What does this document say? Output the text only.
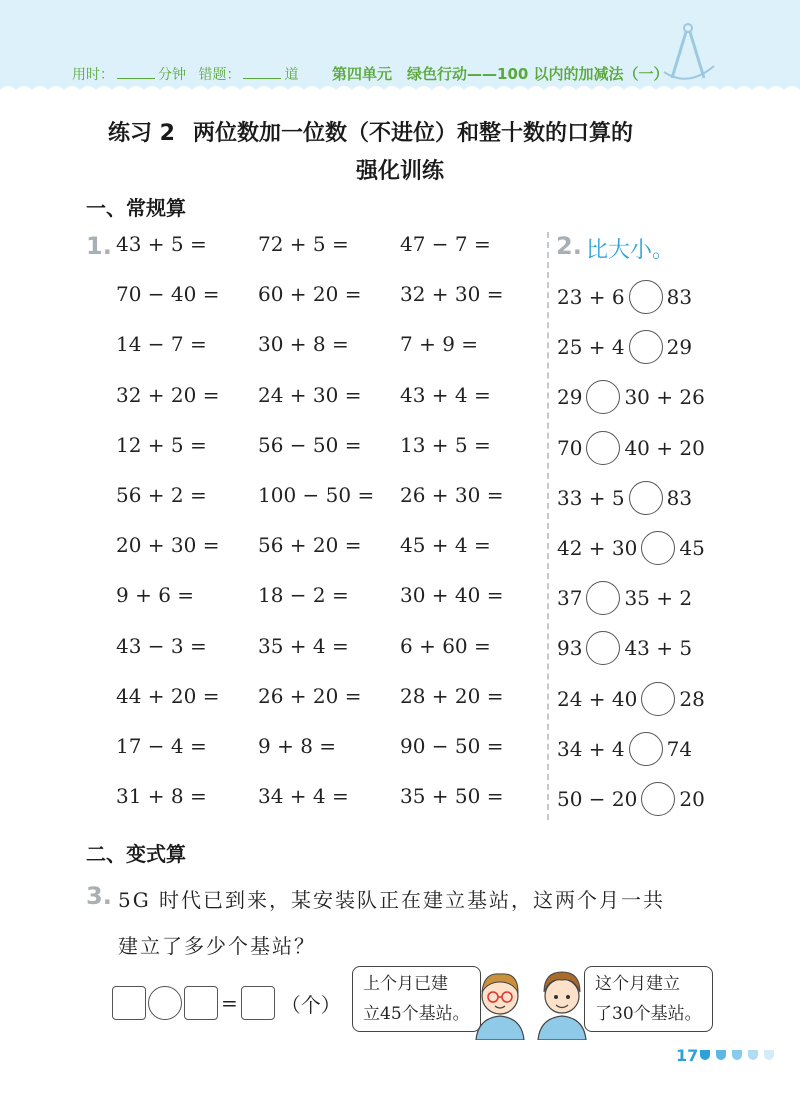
用时：	分钟 错题：	道 第四单元　绿色行动——100 以内的加减法（一）
练习 2 两位数加一位数（不进位）和整十数的口算的
强化训练
一、常规算
1. 43 + 5 =	72 + 5 =	47 − 7 =
70 − 40 = 60 + 20 = 32 + 30 =
14 − 7 =	30 + 8 =	7 + 9 =
32 + 20 = 24 + 30 = 43 + 4 =
12 + 5 =	56 − 50 = 13 + 5 =
56 + 2 =	100 − 50 = 26 + 30 =
20 + 30 = 56 + 20 = 45 + 4 =
9 + 6 =	18 − 2 =	30 + 40 =
43 − 3 =	35 + 4 =	6 + 60 =
44 + 20 = 26 + 20 = 28 + 20 =
17 − 4 =	9 + 8 =	90 − 50 =
31 + 8 =	34 + 4 =	35 + 50 =
2. 比大小。
23 + 6 83
25 + 4 29
29 30 + 26
70 40 + 20
33 + 5 83
42 + 30 45
37 35 + 2
93 43 + 5
24 + 40 28
34 + 4 74
50 − 20 20
二、变式算
3. 5G 时代已到来，某安装队正在建立基站，这两个月一共
建立了多少个基站？
= （个）
上个月已建
立45个基站。
这个月建立
了30个基站。
17
